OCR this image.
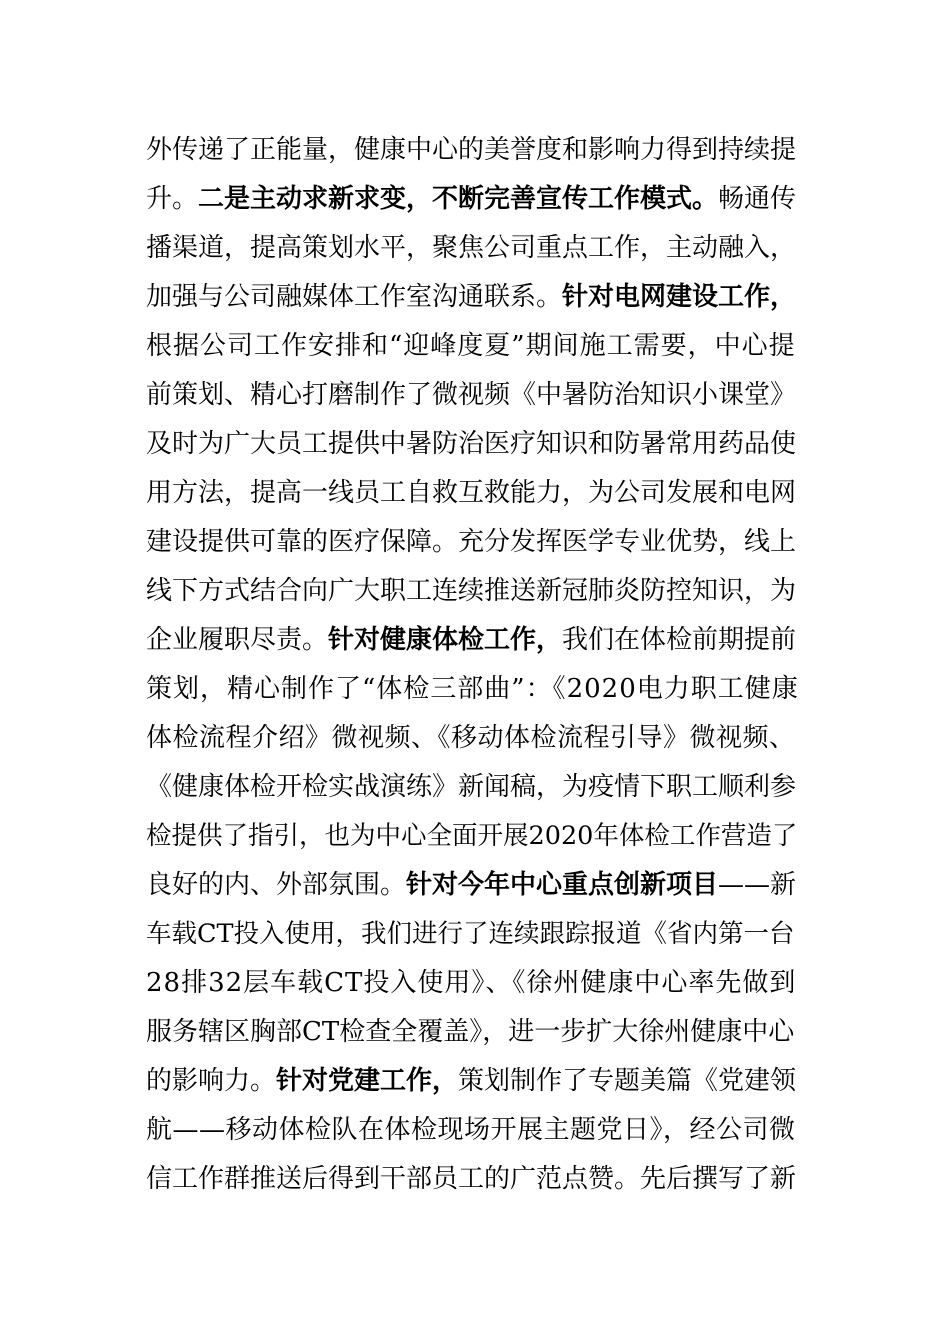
外传递了正能量，健康中心的美誉度和影响力得到持续提
升。二是主动求新求变，不断完善宣传工作模式。畅通传
播渠道，提高策划水平，聚焦公司重点工作，主动融入，
加强与公司融媒体工作室沟通联系。针对电网建设工作，
根据公司工作安排和“迎峰度夏”期间施工需要，中心提
前策划、精心打磨制作了微视频《中暑防治知识小课堂》
及时为广大员工提供中暑防治医疗知识和防暑常用药品使
用方法，提高一线员工自救互救能力，为公司发展和电网
建设提供可靠的医疗保障。充分发挥医学专业优势，线上
线下方式结合向广大职工连续推送新冠肺炎防控知识，为
企业履职尽责。针对健康体检工作，我们在体检前期提前
策划，精心制作了“体检三部曲”：《2020电力职工健康
体检流程介绍》微视频、《移动体检流程引导》微视频、
《健康体检开检实战演练》新闻稿，为疫情下职工顺利参
检提供了指引，也为中心全面开展2020年体检工作营造了
良好的内、外部氛围。针对今年中心重点创新项目——新
车载CT投入使用，我们进行了连续跟踪报道《省内第一台
28排32层车载CT投入使用》、《徐州健康中心率先做到
服务辖区胸部CT检查全覆盖》，进一步扩大徐州健康中心
的影响力。针对党建工作，策划制作了专题美篇《党建领
航——移动体检队在体检现场开展主题党日》，经公司微
信工作群推送后得到干部员工的广范点赞。先后撰写了新
